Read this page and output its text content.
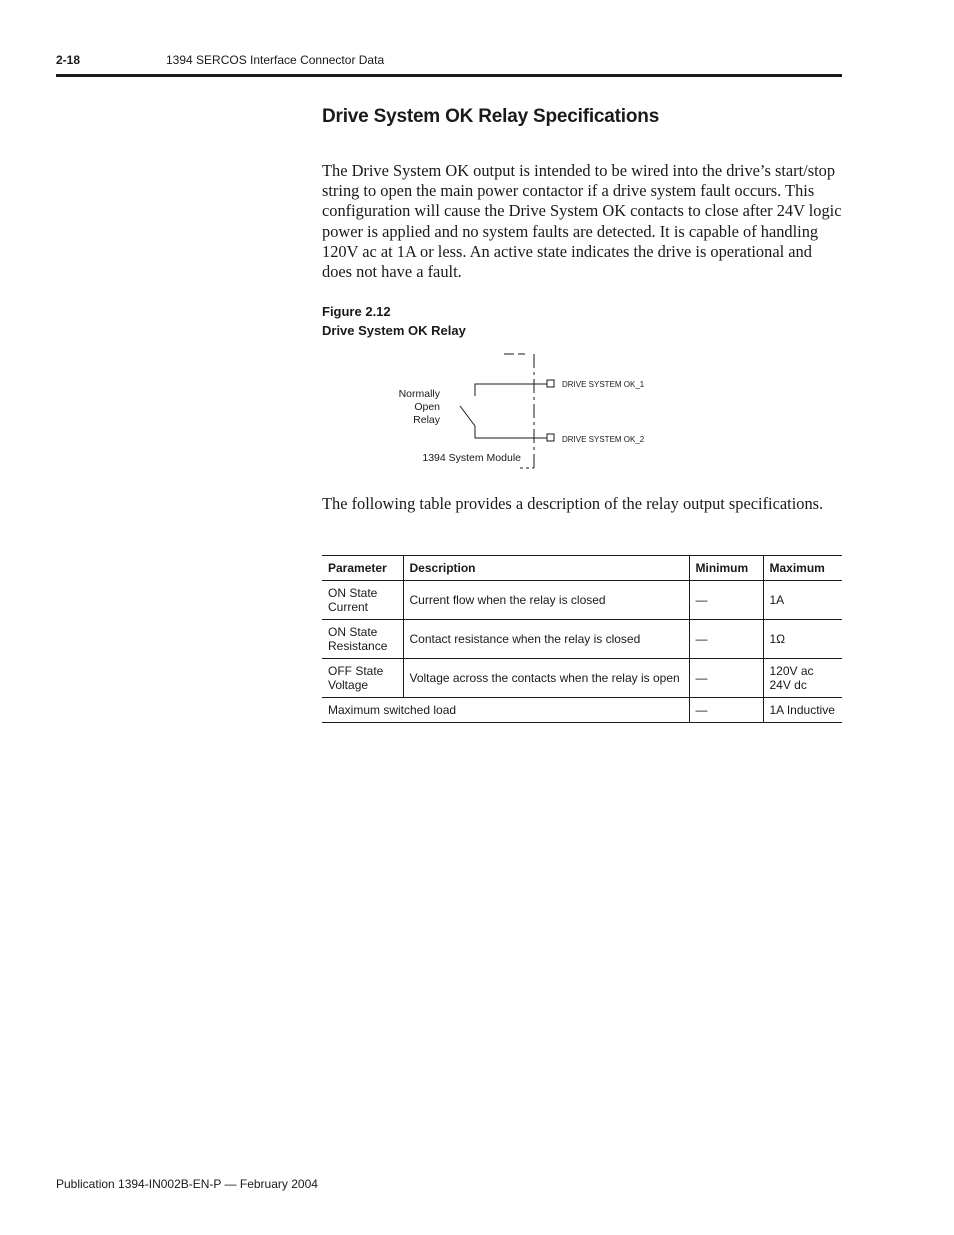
2-18	1394 SERCOS Interface Connector Data
Drive System OK Relay Specifications

The Drive System OK output is intended to be wired into the drive’s start/stop string to open the main power contactor if a drive system fault occurs. This configuration will cause the Drive System OK contacts to close after 24V logic power is applied and no system faults are detected. It is capable of handling 120V ac at 1A or less. An active state indicates the drive is operational and does not have a fault.

Figure 2.12
Drive System OK Relay
DRIVE SYSTEM OK_1
DRIVE SYSTEM OK_2
Normally
Open
Relay
1394 System Module

The following table provides a description of the relay output specifications.

Parameter	Description	Minimum	Maximum

ON State
Current	Current flow when the relay is closed	—	1A

ON State
Resistance	Contact resistance when the relay is closed	—	1Ω

OFF State
Voltage	Voltage across the contacts when the relay is open	—	120V ac
24V dc

Maximum switched load		—	1A Inductive
Publication 1394-IN002B-EN-P — February 2004
